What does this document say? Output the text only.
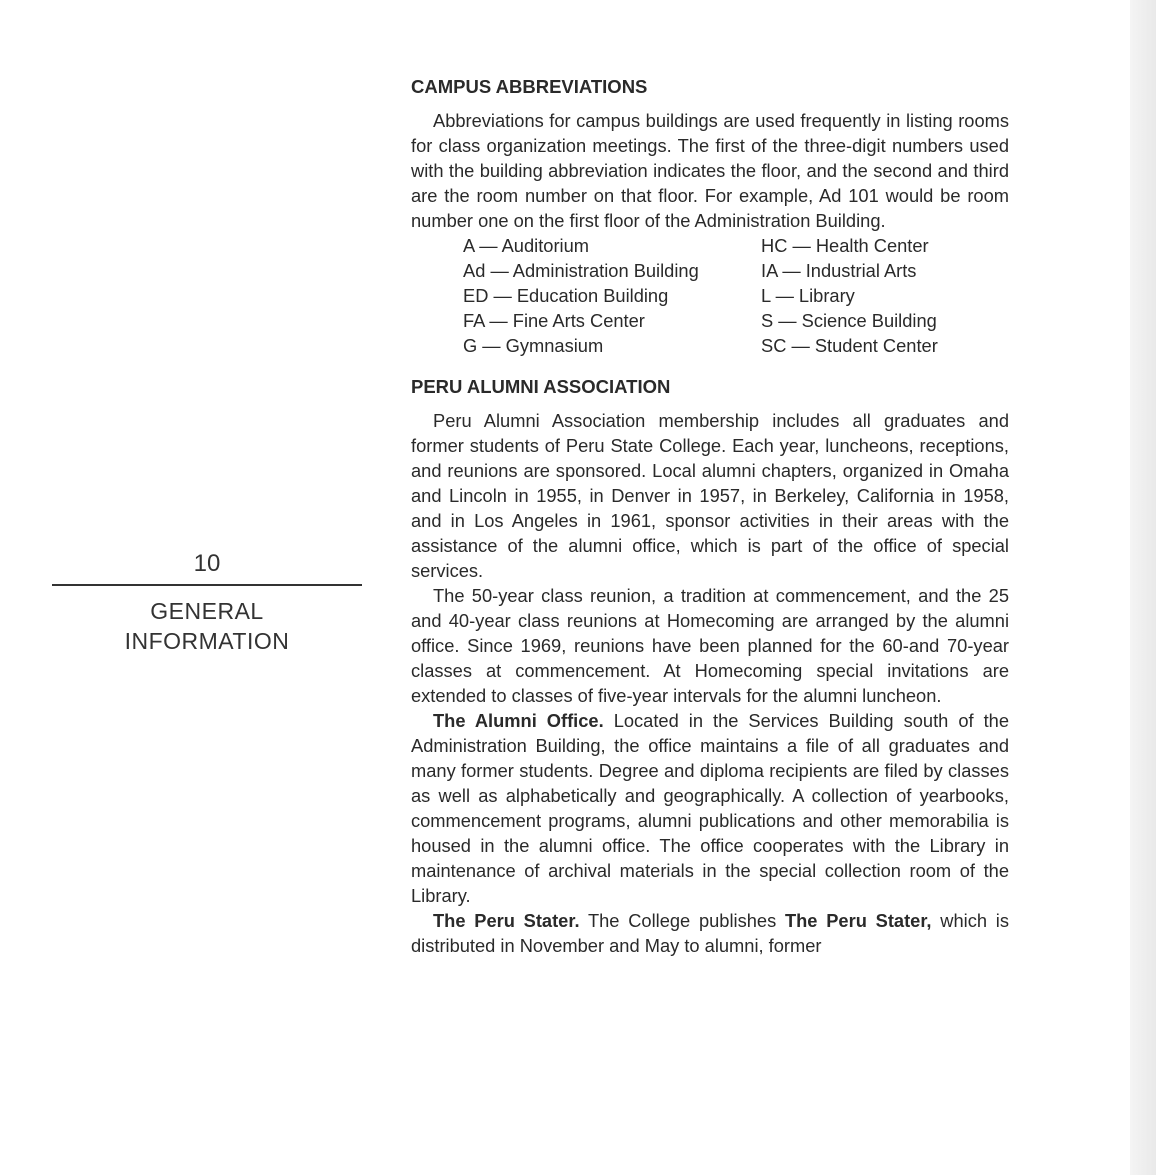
10
GENERAL
INFORMATION
CAMPUS ABBREVIATIONS

Abbreviations for campus buildings are used frequently in listing rooms for class organization meetings. The first of the three-digit numbers used with the building abbreviation indicates the floor, and the second and third are the room number on that floor. For example, Ad 101 would be room number one on the first floor of the Administration Building.

A — Auditorium	HC — Health Center
Ad — Administration Building	IA — Industrial Arts
ED — Education Building	L — Library
FA — Fine Arts Center	S — Science Building
G — Gymnasium	SC — Student Center
PERU ALUMNI ASSOCIATION

Peru Alumni Association membership includes all graduates and former students of Peru State College. Each year, luncheons, receptions, and reunions are sponsored. Local alumni chapters, organized in Omaha and Lincoln in 1955, in Denver in 1957, in Berkeley, California in 1958, and in Los Angeles in 1961, sponsor activities in their areas with the assistance of the alumni office, which is part of the office of special services.

The 50-year class reunion, a tradition at commencement, and the 25 and 40-year class reunions at Homecoming are arranged by the alumni office. Since 1969, reunions have been planned for the 60-and 70-year classes at commencement. At Homecoming special invitations are extended to classes of five-year intervals for the alumni luncheon.

The Alumni Office. Located in the Services Building south of the Administration Building, the office maintains a file of all graduates and many former students. Degree and diploma recipients are filed by classes as well as alphabetically and geographically. A collection of yearbooks, commencement programs, alumni publications and other memorabilia is housed in the alumni office. The office cooperates with the Library in maintenance of archival materials in the special collection room of the Library.

The Peru Stater. The College publishes The Peru Stater, which is distributed in November and May to alumni, former
